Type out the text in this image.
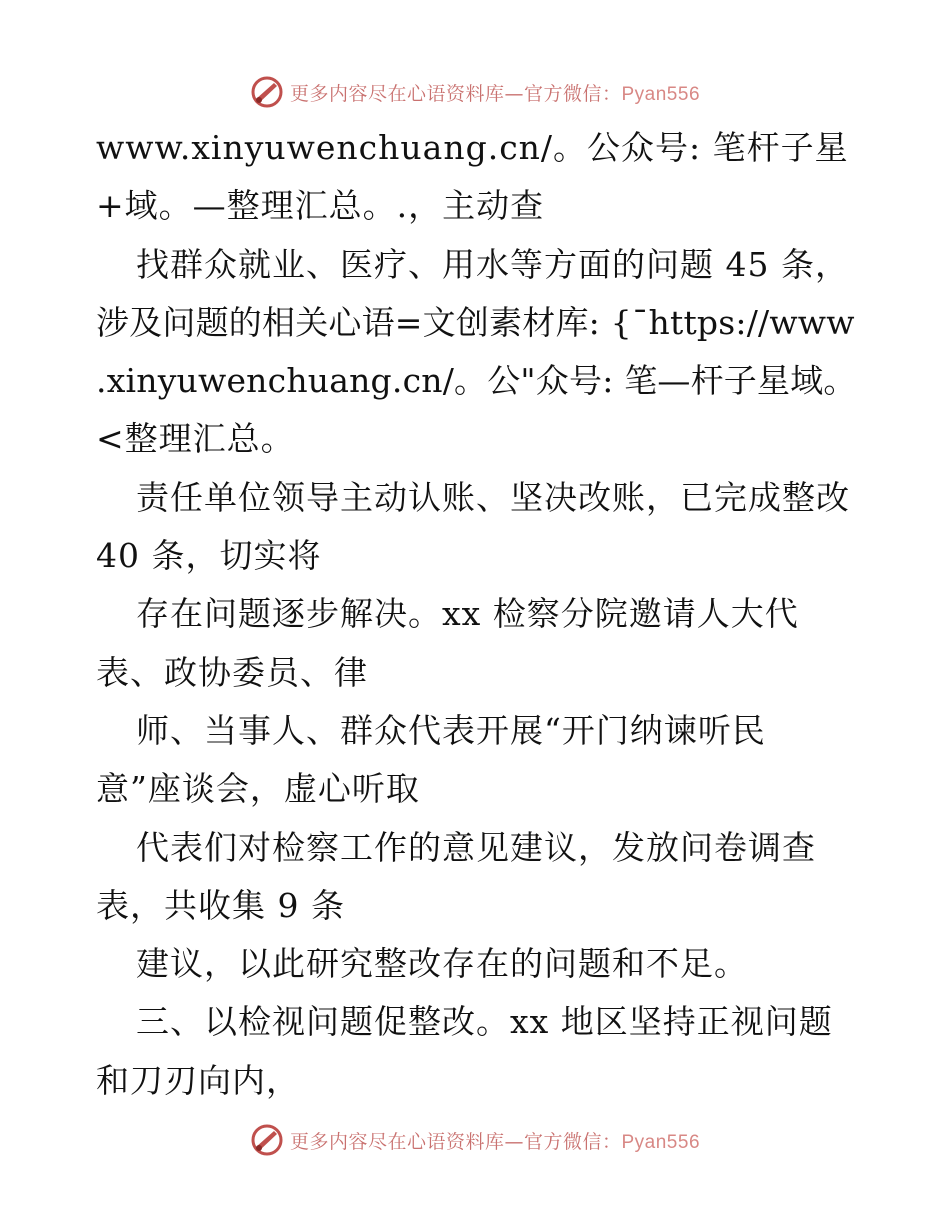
更多内容尽在心语资料库—官方微信：Pyan556
www.xinyuwenchuang.cn/。公众号: 笔杆子星
+域。—整理汇总。.，主动查
找群众就业、医疗、用水等方面的问题 45 条，
涉及问题的相关心语=文创素材库: {¯https://www
.xinyuwenchuang.cn/。公"众号: 笔—杆子星域。
<整理汇总。
责任单位领导主动认账、坚决改账，已完成整改
40 条，切实将
存在问题逐步解决。xx 检察分院邀请人大代
表、政协委员、律
师、当事人、群众代表开展“开门纳谏听民
意”座谈会，虚心听取
代表们对检察工作的意见建议，发放问卷调查
表，共收集 9 条
建议，以此研究整改存在的问题和不足。
三、以检视问题促整改。xx 地区坚持正视问题
和刀刃向内，
更多内容尽在心语资料库—官方微信：Pyan556
